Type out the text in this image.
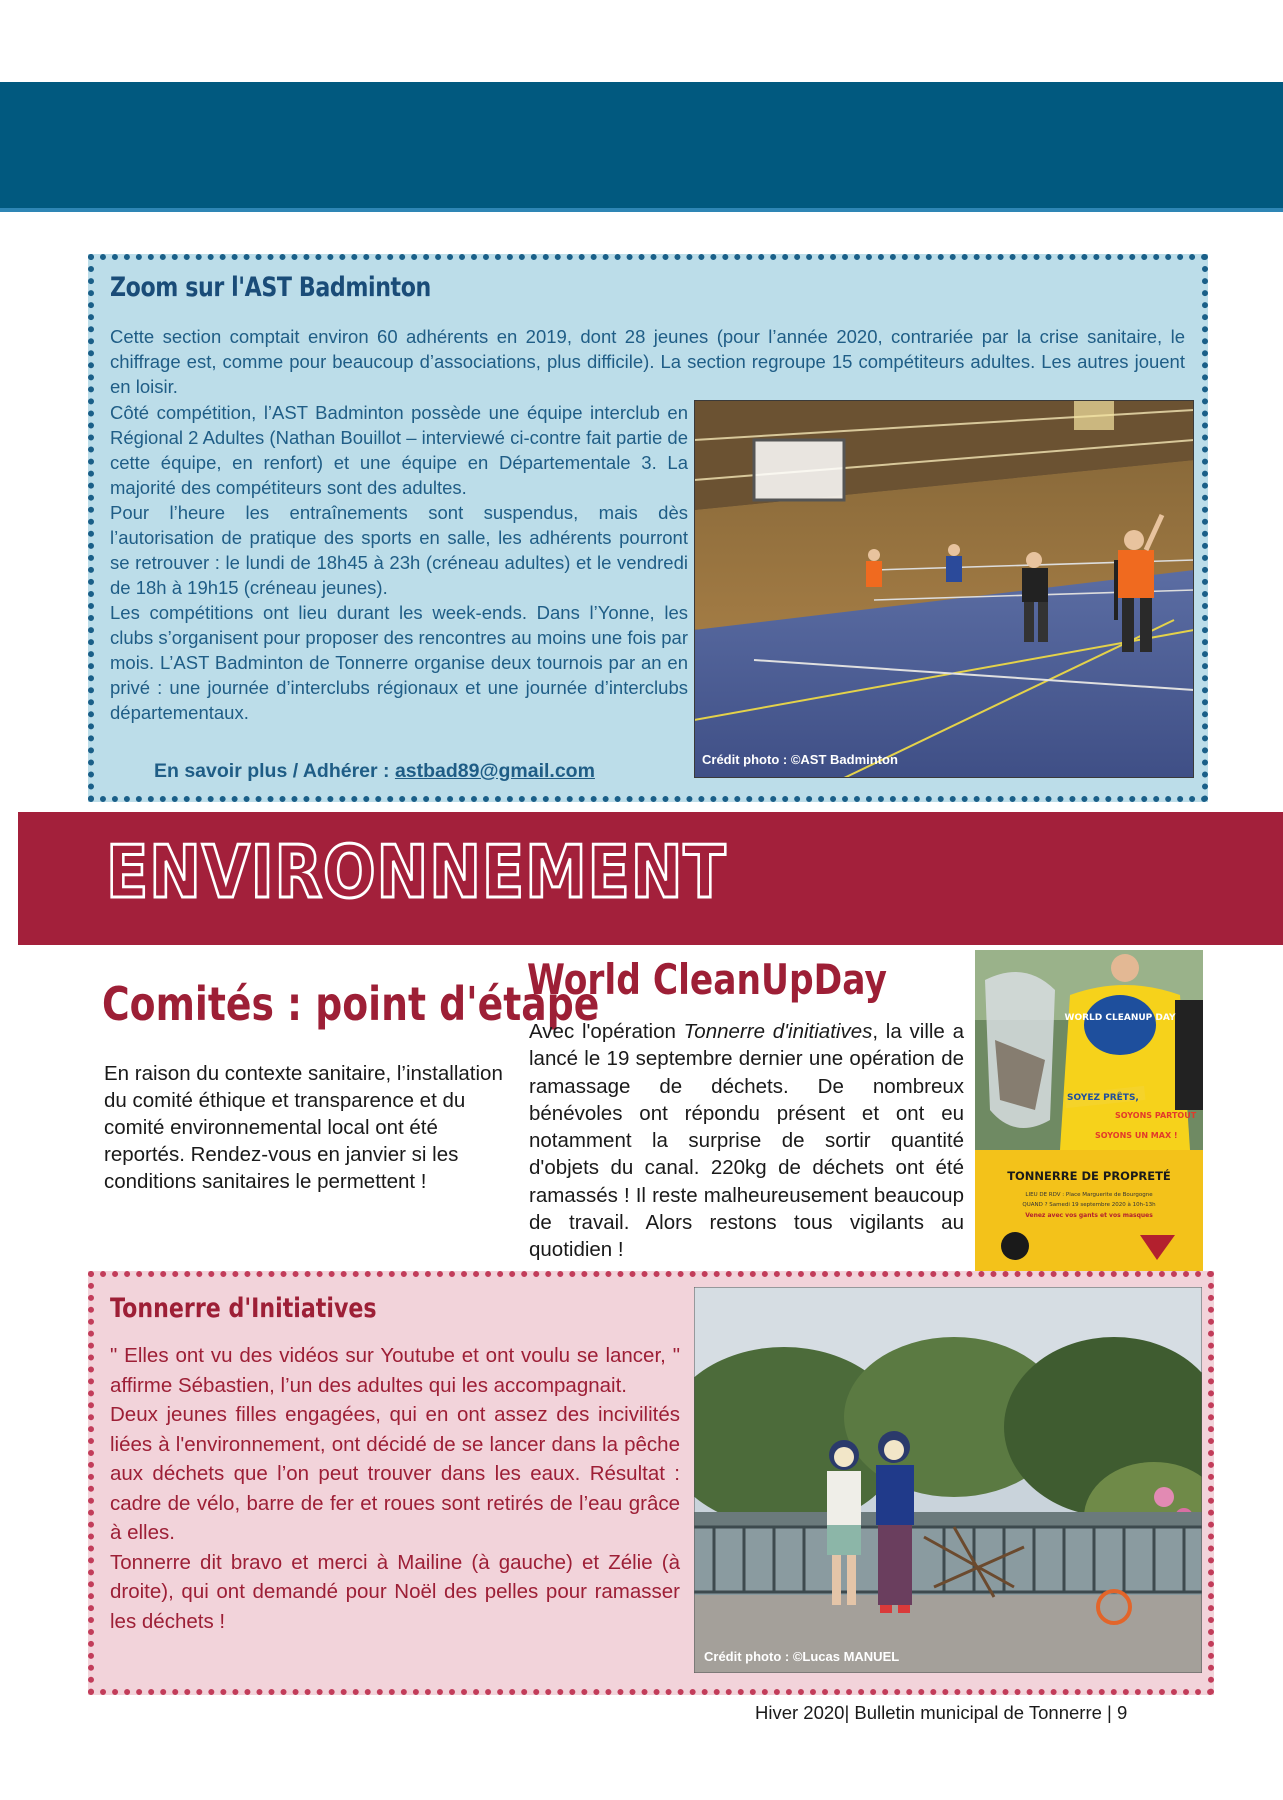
Zoom sur l'AST Badminton
Cette section comptait environ 60 adhérents en 2019, dont 28 jeunes (pour l’année 2020, contrariée par la crise sanitaire, le chiffrage est, comme pour beaucoup d’associations, plus difficile). La section regroupe 15 compétiteurs adultes. Les autres jouent en loisir.

Côté compétition, l’AST Badminton possède une équipe interclub en Régional 2 Adultes (Nathan Bouillot – interviewé ci-contre fait partie de cette équipe, en renfort) et une équipe en Départementale 3. La majorité des compétiteurs sont des adultes.

Pour l’heure les entraînements sont suspendus, mais dès l’autorisation de pratique des sports en salle, les adhérents pourront se retrouver : le lundi de 18h45 à 23h (créneau adultes) et le vendredi de 18h à 19h15 (créneau jeunes).

Les compétitions ont lieu durant les week-ends. Dans l’Yonne, les clubs s’organisent pour proposer des rencontres au moins une fois par mois. L’AST Badminton de Tonnerre organise deux tournois par an en privé : une journée d’interclubs régionaux et une journée d’interclubs départementaux.

En savoir plus / Adhérer : astbad89@gmail.com
Crédit photo : ©AST Badminton
ENVIRONNEMENT
Comités : point d'étape
En raison du contexte sanitaire, l’installation du comité éthique et transparence et du comité environnemental local ont été reportés. Rendez-vous en janvier si les conditions sanitaires le permettent !
World CleanUpDay
Avec l'opération Tonnerre d'initiatives, la ville a lancé le 19 septembre dernier une opération de ramassage de déchets. De nombreux bénévoles ont répondu présent et ont eu notamment la surprise de sortir quantité d'objets du canal. 220kg de déchets ont été ramassés ! Il reste malheureusement beaucoup de travail. Alors restons tous vigilants au quotidien !
WORLD CLEANUP DAY
SOYEZ PRÊTS,
SOYONS PARTOUT
SOYONS UN MAX !
TONNERRE DE PROPRETÉ
LIEU DE RDV : Place Marguerite de Bourgogne
QUAND ? Samedi 19 septembre 2020 à 10h-13h
Venez avec vos gants et vos masques
Tonnerre d'Initiatives

" Elles ont vu des vidéos sur Youtube et ont voulu se lancer, " affirme Sébastien, l’un des adultes qui les accompagnait.

Deux jeunes filles engagées, qui en ont assez des incivilités liées à l'environnement, ont décidé de se lancer dans la pêche aux déchets que l’on peut trouver dans les eaux. Résultat : cadre de vélo, barre de fer et roues sont retirés de l’eau grâce à elles.

Tonnerre dit bravo et merci à Mailine (à gauche) et Zélie (à droite), qui ont demandé pour Noël des pelles pour ramasser les déchets !

Crédit photo : ©Lucas MANUEL
Hiver 2020| Bulletin municipal de Tonnerre | 9
